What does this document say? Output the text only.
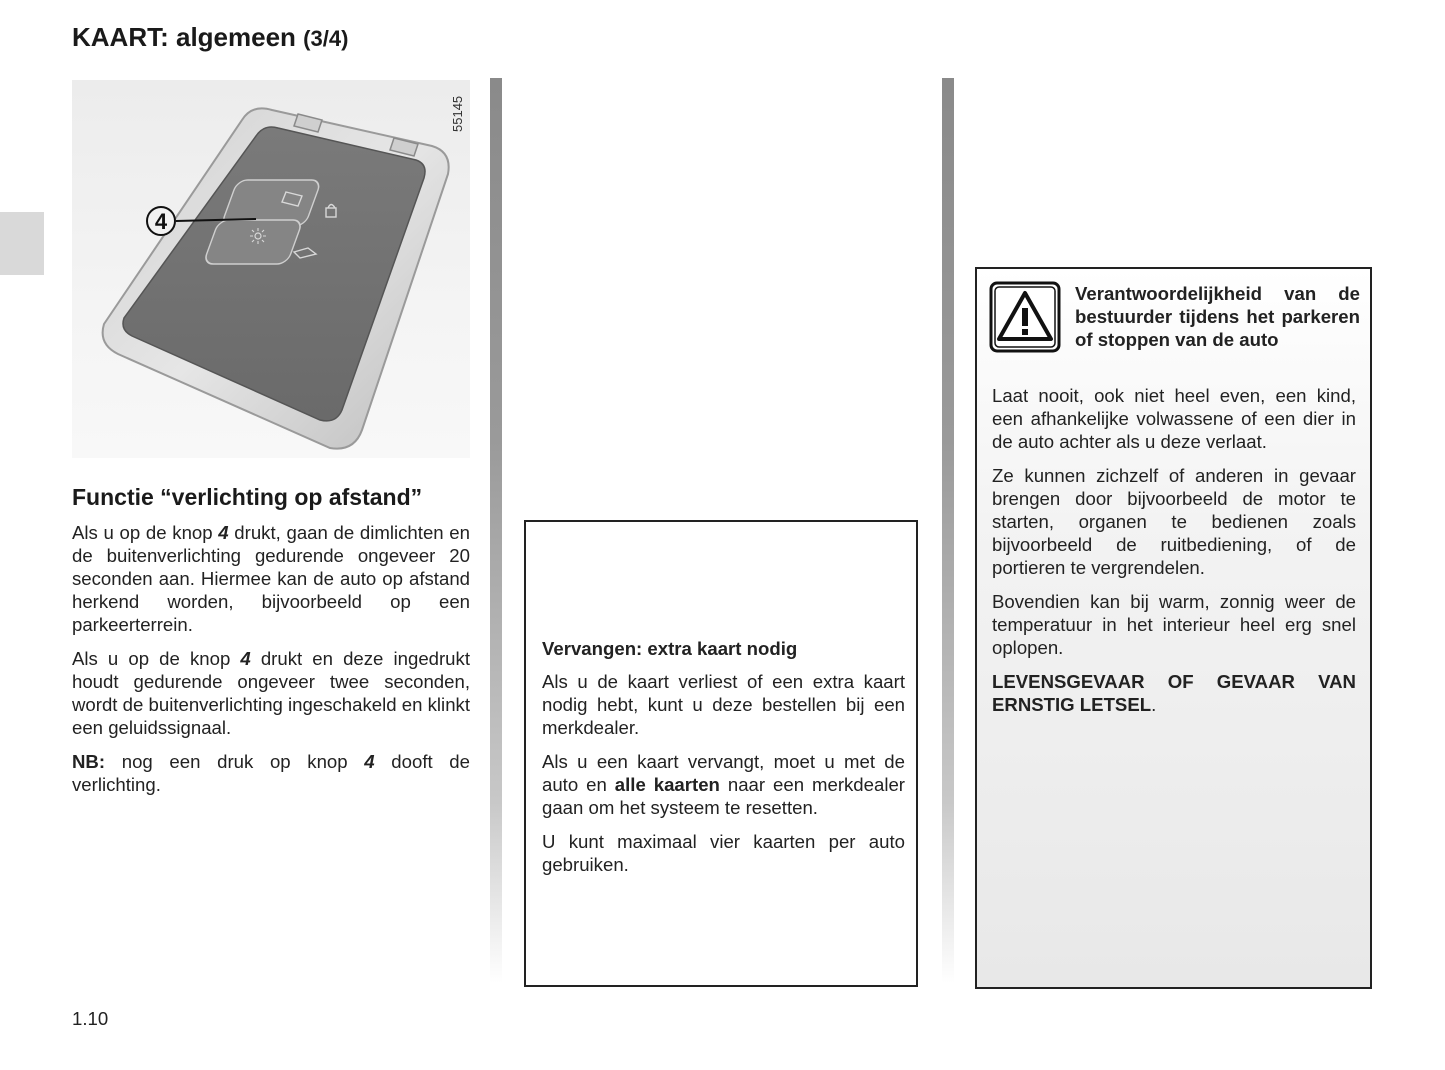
KAART: algemeen (3/4)
4
55145
Functie “verlichting op afstand”

Als u op de knop 4 drukt, gaan de dimlichten en de buitenverlichting gedurende ongeveer 20 seconden aan. Hiermee kan de auto op afstand herkend worden, bijvoorbeeld op een parkeerterrein.

Als u op de knop 4 drukt en deze ingedrukt houdt gedurende ongeveer twee seconden, wordt de buitenverlichting ingeschakeld en klinkt een geluidssignaal.

NB: nog een druk op knop 4 dooft de verlichting.

Vervangen: extra kaart nodig

Als u de kaart verliest of een extra kaart nodig hebt, kunt u deze bestellen bij een merkdealer.

Als u een kaart vervangt, moet u met de auto en alle kaarten naar een merkdealer gaan om het systeem te resetten.

U kunt maximaal vier kaarten per auto gebruiken.

Verantwoordelijkheid van de bestuurder tijdens het parkeren of stoppen van de auto

Laat nooit, ook niet heel even, een kind, een afhankelijke volwassene of een dier in de auto achter als u deze verlaat.

Ze kunnen zichzelf of anderen in gevaar brengen door bijvoorbeeld de motor te starten, organen te bedienen zoals bijvoorbeeld de ruitbediening, of de portieren te vergrendelen.

Bovendien kan bij warm, zonnig weer de temperatuur in het interieur heel erg snel oplopen.

LEVENSGEVAAR OF GEVAAR VAN ERNSTIG LETSEL.

1.10
